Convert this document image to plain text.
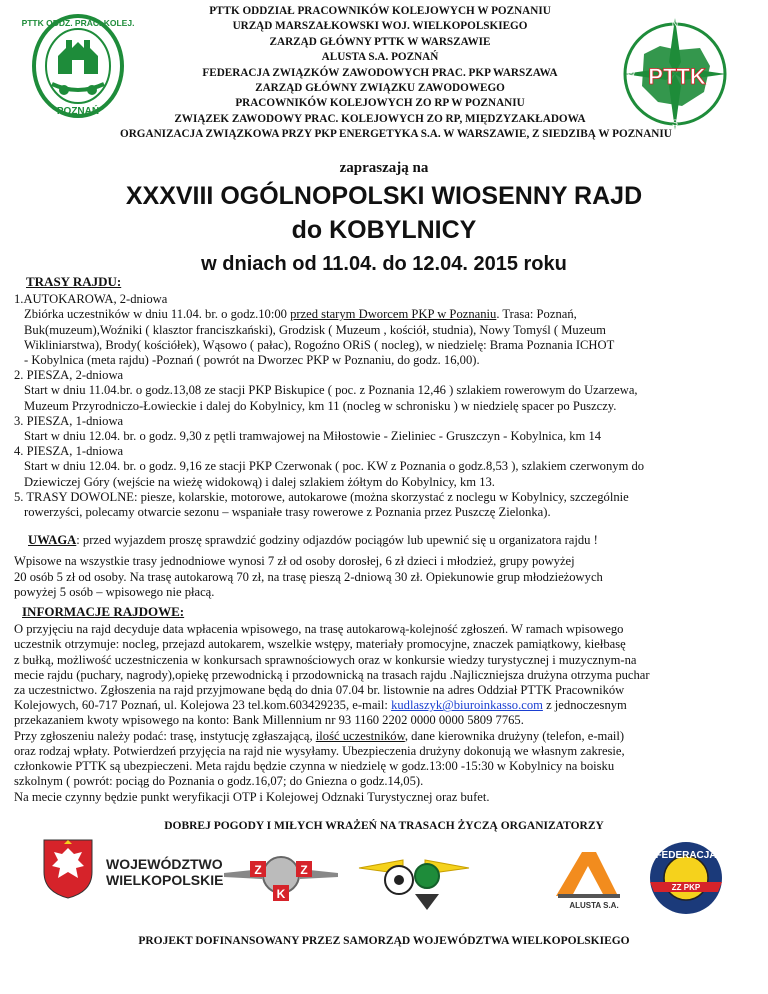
PTTK ODDZ. PRAC. KOLEJ.
POZNAŃ
PTTK
N
S
W
PTTK ODDZIAŁ PRACOWNIKÓW KOLEJOWYCH W POZNANIU
URZĄD MARSZAŁKOWSKI WOJ. WIELKOPOLSKIEGO
ZARZĄD GŁÓWNY PTTK W WARSZAWIE
ALUSTA S.A. POZNAŃ
FEDERACJA ZWIĄZKÓW ZAWODOWYCH PRAC. PKP WARSZAWA
ZARZĄD GŁÓWNY ZWIĄZKU ZAWODOWEGO
PRACOWNIKÓW KOLEJOWYCH ZO RP W POZNANIU
ZWIĄZEK ZAWODOWY PRAC. KOLEJOWYCH ZO RP, MIĘDZYZAKŁADOWA
ORGANIZACJA ZWIĄZKOWA PRZY PKP ENERGETYKA S.A. W WARSZAWIE, Z SIEDZIBĄ W POZNANIU
zapraszają na
XXXVIII OGÓLNOPOLSKI WIOSENNY RAJD
do KOBYLNICY
w dniach od 11.04. do 12.04. 2015 roku
TRASY RAJDU:

1.AUTOKAROWA, 2-dniowa

Zbiórka uczestników w dniu 11.04. br. o godz.10:00 przed starym Dworcem PKP w Poznaniu. Trasa: Poznań,

Buk(muzeum),Woźniki ( klasztor franciszkański), Grodzisk ( Muzeum , kościół, studnia), Nowy Tomyśl ( Muzeum

Wikliniarstwa), Brody( kościółek), Wąsowo ( pałac), Rogoźno ORiS ( nocleg), w niedzielę: Brama Poznania ICHOT

- Kobylnica (meta rajdu) -Poznań ( powrót na Dworzec PKP w Poznaniu, do godz. 16,00).

2. PIESZA, 2-dniowa

Start w dniu 11.04.br. o godz.13,08 ze stacji PKP Biskupice ( poc. z Poznania 12,46 ) szlakiem rowerowym do Uzarzewa,

Muzeum Przyrodniczo-Łowieckie i dalej do Kobylnicy, km 11 (nocleg w schronisku ) w niedzielę spacer po Puszczy.

3. PIESZA, 1-dniowa

Start w dniu 12.04. br. o godz. 9,30 z pętli tramwajowej na Miłostowie - Zieliniec - Gruszczyn - Kobylnica, km 14

4. PIESZA, 1-dniowa

Start w dniu 12.04. br. o godz. 9,16 ze stacji PKP Czerwonak ( poc. KW z Poznania o godz.8,53 ), szlakiem czerwonym do

Dziewiczej Góry (wejście na wieżę widokową) i dalej szlakiem żółtym do Kobylnicy, km 13.

5. TRASY DOWOLNE: piesze, kolarskie, motorowe, autokarowe (można skorzystać z noclegu w Kobylnicy, szczególnie

rowerzyści, polecamy otwarcie sezonu – wspaniałe trasy rowerowe z Poznania przez Puszczę Zielonka).

UWAGA: przed wyjazdem proszę sprawdzić godziny odjazdów pociągów lub upewnić się u organizatora rajdu !

Wpisowe na wszystkie trasy jednodniowe wynosi 7 zł od osoby dorosłej, 6 zł dzieci i młodzież, grupy powyżej

20 osób 5 zł od osoby. Na trasę autokarową 70 zł, na trasę pieszą 2-dniową 30 zł. Opiekunowie grup młodzieżowych

powyżej 5 osób – wpisowego nie płacą.

INFORMACJE RAJDOWE:

O przyjęciu na rajd decyduje data wpłacenia wpisowego, na trasę autokarową-kolejność zgłoszeń. W ramach wpisowego

uczestnik otrzymuje: nocleg, przejazd autokarem, wszelkie wstępy, materiały promocyjne, znaczek pamiątkowy, kiełbasę

z bułką, możliwość uczestniczenia w konkursach sprawnościowych oraz w konkursie wiedzy turystycznej i muzycznym-na

mecie rajdu (puchary, nagrody),opiekę przewodnicką i przodownicką na trasach rajdu .Najliczniejsza drużyna otrzyma puchar

za uczestnictwo. Zgłoszenia na rajd przyjmowane będą do dnia 07.04 br. listownie na adres Oddział PTTK Pracowników

Kolejowych, 60-717 Poznań, ul. Kolejowa 23 tel.kom.603429235, e-mail: kudlaszyk@biuroinkasso.com z jednoczesnym

przekazaniem kwoty wpisowego na konto: Bank Millennium nr 93 1160 2202 0000 0000 5809 7765.

Przy zgłoszeniu należy podać: trasę, instytucję zgłaszającą, ilość uczestników, dane kierownika drużyny (telefon, e-mail)

oraz rodzaj wpłaty. Potwierdzeń przyjęcia na rajd nie wysyłamy. Ubezpieczenia drużyny dokonują we własnym zakresie,

członkowie PTTK są ubezpieczeni. Meta rajdu będzie czynna w niedzielę w godz.13:00 -15:30 w Kobylnicy na boisku

szkolnym ( powrót: pociąg do Poznania o godz.16,07; do Gniezna o godz.14,05).

Na mecie czynny będzie punkt weryfikacji OTP i Kolejowej Odznaki Turystycznej oraz bufet.

DOBREJ POGODY I MIŁYCH WRAŻEŃ NA TRASACH ŻYCZĄ ORGANIZATORZY
WOJEWÓDZTWO
WIELKOPOLSKIE
Z	Z
K
ALUSTA S.A.
FEDERACJA
ZZ PKP
PROJEKT DOFINANSOWANY PRZEZ SAMORZĄD WOJEWÓDZTWA WIELKOPOLSKIEGO
